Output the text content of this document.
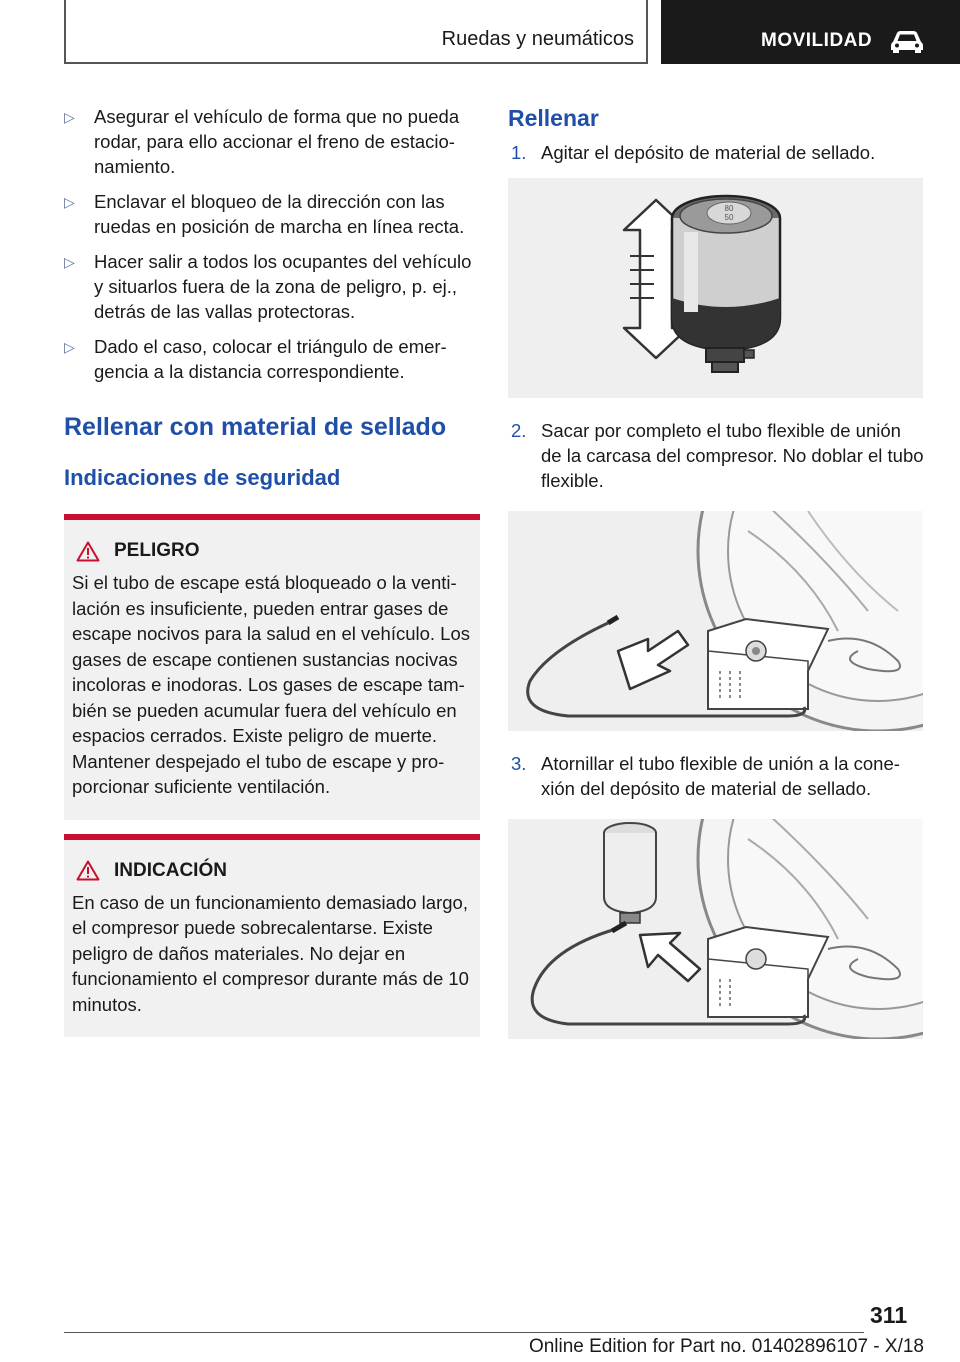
Ruedas y neumáticos	MOVILIDAD
▷ Asegurar el vehículo de forma que no pueda rodar, para ello accionar el freno de estacio-namiento.
▷ Enclavar el bloqueo de la dirección con las ruedas en posición de marcha en línea recta.
▷ Hacer salir a todos los ocupantes del vehículo y situarlos fuera de la zona de peligro, p. ej., detrás de las vallas protectoras.
▷ Dado el caso, colocar el triángulo de emer-gencia a la distancia correspondiente.
Rellenar con material de sellado
Indicaciones de seguridad
PELIGRO
Si el tubo de escape está bloqueado o la venti-lación es insuficiente, pueden entrar gases de escape nocivos para la salud en el vehículo. Los gases de escape contienen sustancias nocivas incoloras e inodoras. Los gases de escape tam-bién se pueden acumular fuera del vehículo en espacios cerrados. Existe peligro de muerte. Mantener despejado el tubo de escape y pro-porcionar suficiente ventilación.
INDICACIÓN
En caso de un funcionamiento demasiado largo, el compresor puede sobrecalentarse. Existe peligro de daños materiales. No dejar en funcionamiento el compresor durante más de 10 minutos.
Rellenar
1. Agitar el depósito de material de sellado.
80
50
2. Sacar por completo el tubo flexible de unión de la carcasa del compresor. No doblar el tubo flexible.
3. Atornillar el tubo flexible de unión a la cone-xión del depósito de material de sellado.
311
Online Edition for Part no. 01402896107 - X/18
